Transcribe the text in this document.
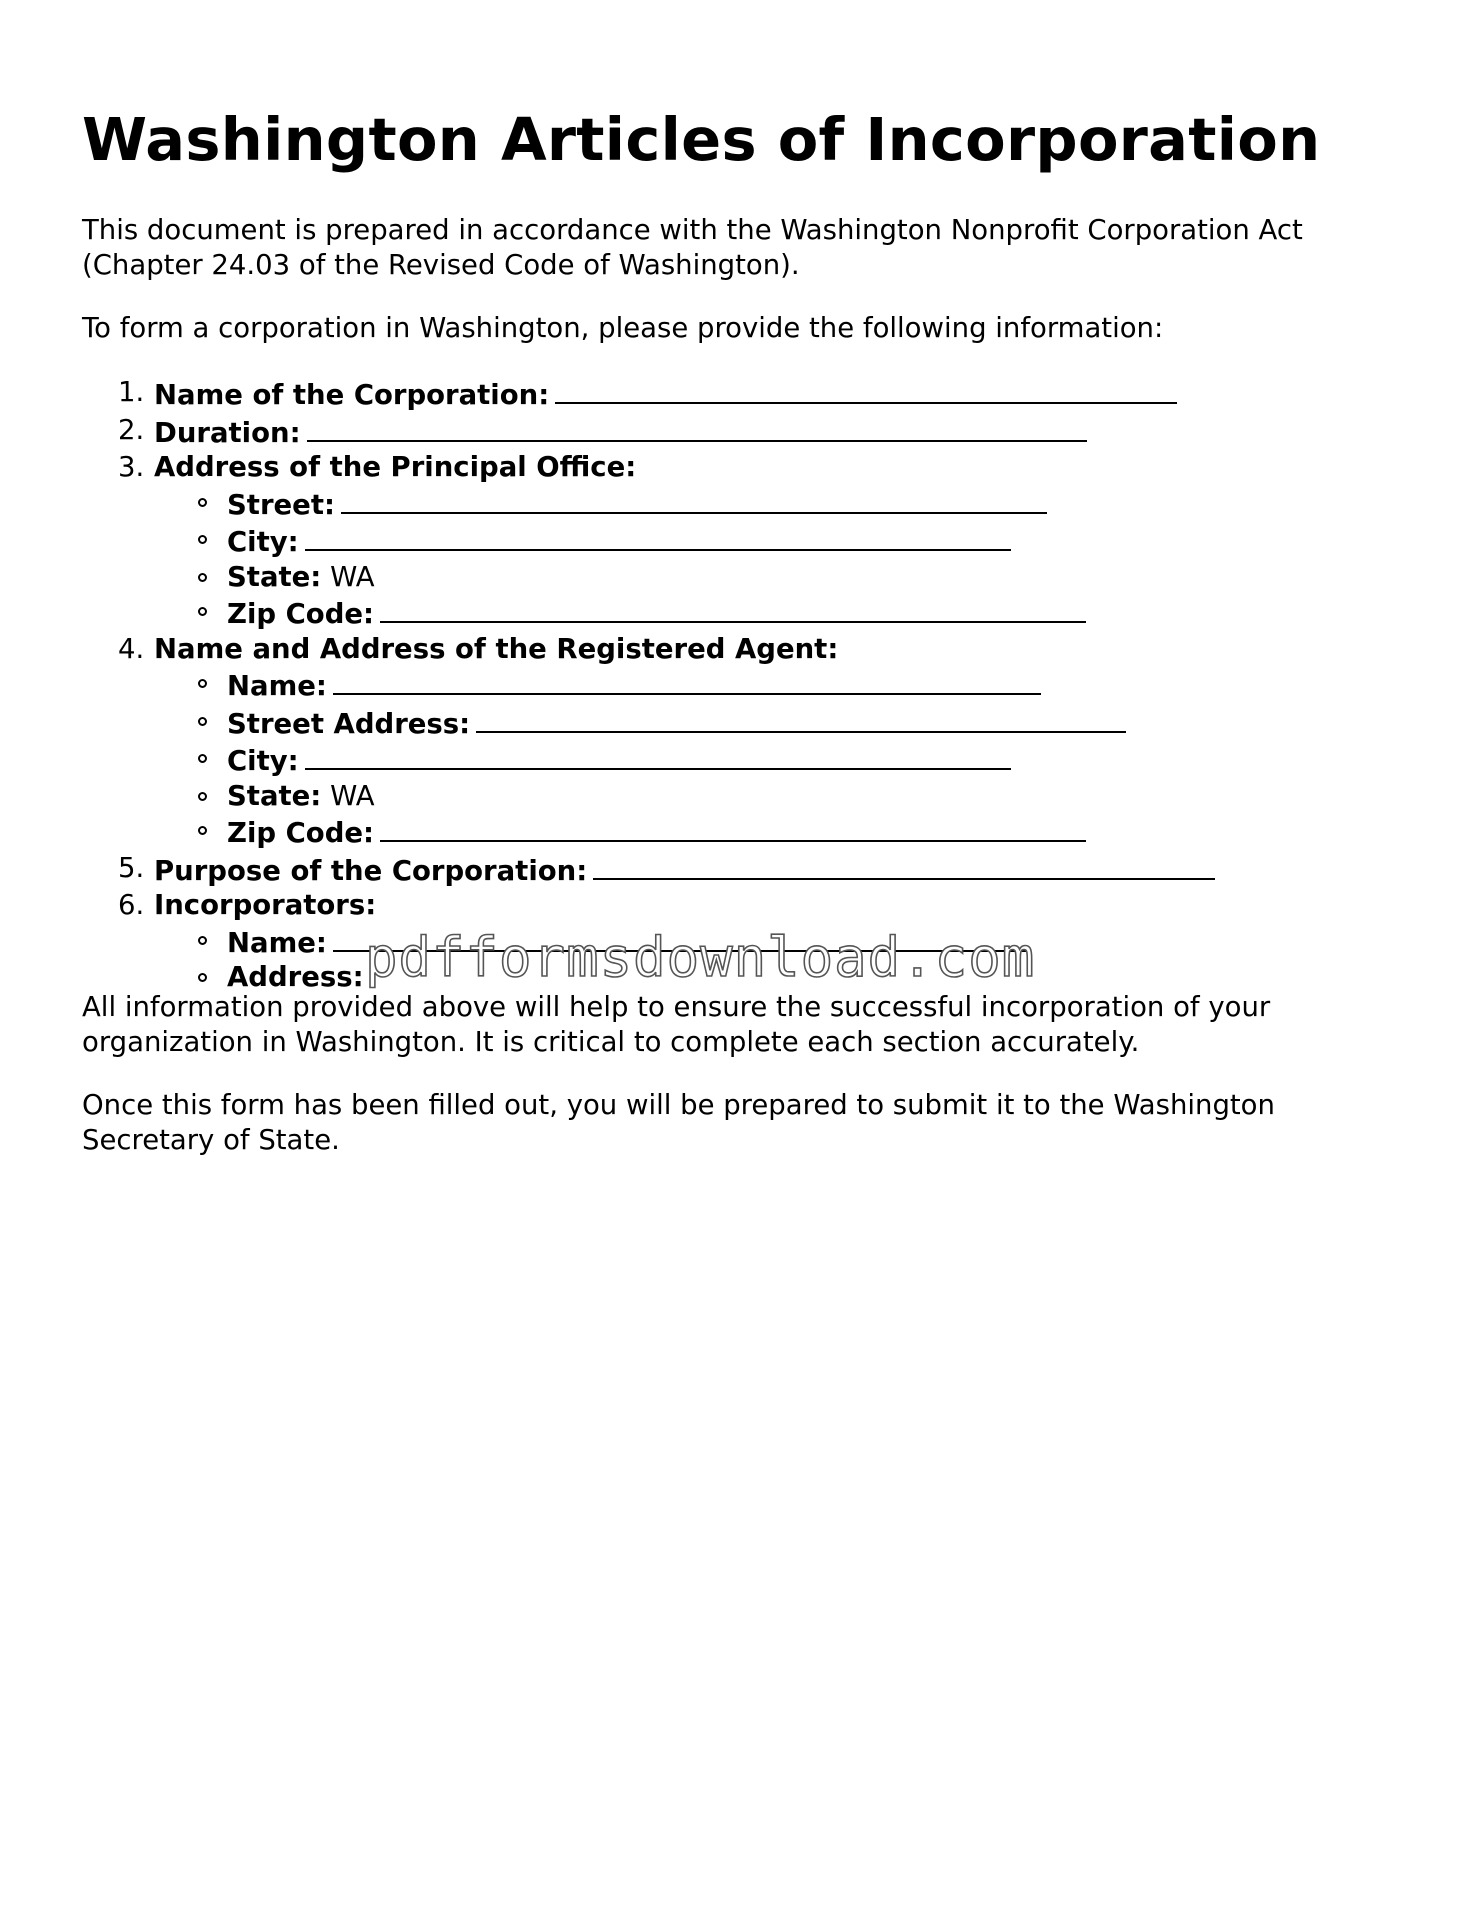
Washington Articles of Incorporation

This document is prepared in accordance with the Washington Nonprofit Corporation Act (Chapter 24.03 of the Revised Code of Washington).

To form a corporation in Washington, please provide the following information:

1. Name of the Corporation:
2. Duration:
3. Address of the Principal Office:
Street:
City:
State: WA
Zip Code:
4. Name and Address of the Registered Agent:
Name:
Street Address:
City:
State: WA
Zip Code:
5. Purpose of the Corporation:
6. Incorporators:
Name:
Address:

All information provided above will help to ensure the successful incorporation of your organization in Washington. It is critical to complete each section accurately.

Once this form has been filled out, you will be prepared to submit it to the Washington Secretary of State.

pdfformsdownload.com
